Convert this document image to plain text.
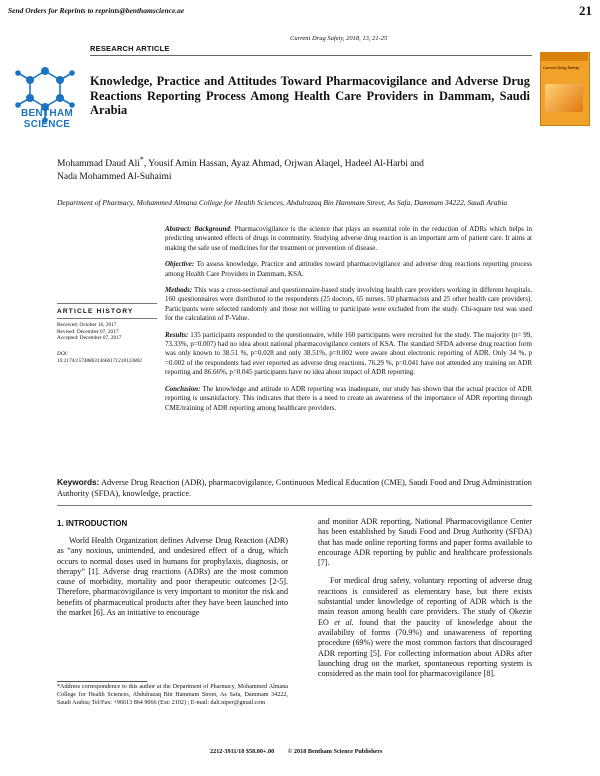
Send Orders for Reprints to reprints@benthamscience.ae	21
Current Drug Safety, 2018, 13, 21-25
BENTHAM
SCIENCE
Current Drug Safety
RESEARCH ARTICLE
Knowledge, Practice and Attitudes Toward Pharmacovigilance and Adverse Drug Reactions Reporting Process Among Health Care Providers in Dammam, Saudi Arabia
Mohammad Daud Ali*, Yousif Amin Hassan, Ayaz Ahmad, Orjwan Alaqel, Hadeel Al-Harbi and
Nada Mohammed Al-Suhaimi
Department of Pharmacy, Mohammed Almana College for Health Sciences, Abdulrazaq Bin Hammam Street, As Safa, Dammam 34222, Saudi Arabia
ARTICLE HISTORY
Received: October 16, 2017
Revised: December 07, 2017
Accepted: December 07, 2017
DOI:
10.2174/1574886313666171218123802

Abstract: Background: Pharmacovigilance is the science that plays an essential role in the reduction of ADRs which helps in predicting unwanted effects of drugs in community. Studying adverse drug reaction is an important arm of patient care. It aims at making the safe use of medicines for the treatment or prevention of disease.

Objective: To assess knowledge, Practice and attitudes toward pharmacovigilance and adverse drug reactions reporting process among Health Care Providers in Dammam, KSA.

Methods: This was a cross-sectional and questionnaire-based study involving health care providers working in different hospitals. 160 questionnaires were distributed to the respondents (25 doctors, 65 nurses, 50 pharmacists and 25 other health care providers). Participants were selected randomly and those not willing to participate were excluded from the study. Chi-square test was used for the calculation of P-Value.

Results: 135 participants responded to the questionnaire, while 160 participants were recruited for the study. The majority (n= 99, 73.33%, p=0.007) had no idea about national pharmacovigilance centers of KSA. The standard SFDA adverse drug reaction form was only known to 38.51 %, p=0.028 and only 38.51%, p=0.002 were aware about electronic reporting of ADR. Only 34 %, p =0.002 of the respondents had ever reported an adverse drug reactions, 76.29 %, p=0.041 have not attended any training on ADR reporting and 86.66%, p=0.045 participants have no idea about impact of ADR reporting.

Conclusion: The knowledge and attitude to ADR reporting was inadequate, our study has shown that the actual practice of ADR reporting is unsatisfactory. This indicates that there is a need to create an awareness of the importance of ADR reporting through CME/training of ADR reporting among healthcare providers.

Keywords: Adverse Drug Reaction (ADR), pharmacovigilance, Continuous Medical Education (CME), Saudi Food and Drug Administration Authority (SFDA), knowledge, practice.
1. INTRODUCTION

World Health Organization defines Adverse Drug Reaction (ADR) as “any noxious, unintended, and undesired effect of a drug, which occurs to normal doses used in humans for prophylaxis, diagnosis, or therapy” [1]. Adverse drug reactions (ADRs) are the most common cause of morbidity, mortality and poor therapeutic outcomes [2-5]. Therefore, pharmacovigilance is very important to monitor the risk and benefits of pharmaceutical products after they have been launched into the market [6]. As an initiative to encourage

and monitor ADR reporting, National Pharmacovigilance Center has been established by Saudi Food and Drug Authority (SFDA) that has made online reporting forms and paper forms available to encourage ADR reporting by public and healthcare professionals [7].

For medical drug safety, voluntary reporting of adverse drug reactions is considered as elementary base, but there exists substantial under knowledge of reporting of ADR which is the main reason among health care providers. The study of Okezie EO et al. found that the paucity of knowledge about the availability of forms (70.9%) and unawareness of reporting procedure (69%) were the most common factors that discouraged ADR reporting [5]. For collecting information about ADRs after launching drug on the market, spontaneous reporting system is considered as the main tool for pharmacovigilance [8].

*Address correspondence to this author at the Department of Pharmacy, Mohammed Almana College for Health Sciences, Abdulrazaq Bin Hammam Street, As Safa, Dammam 34222, Saudi Arabia; Tel/Fax: +96613 864 9066 (Ext: 2102) ; E-mail: dali.niper@gmail.com
2212-3911/18 $58.00+.00 © 2018 Bentham Science Publishers
